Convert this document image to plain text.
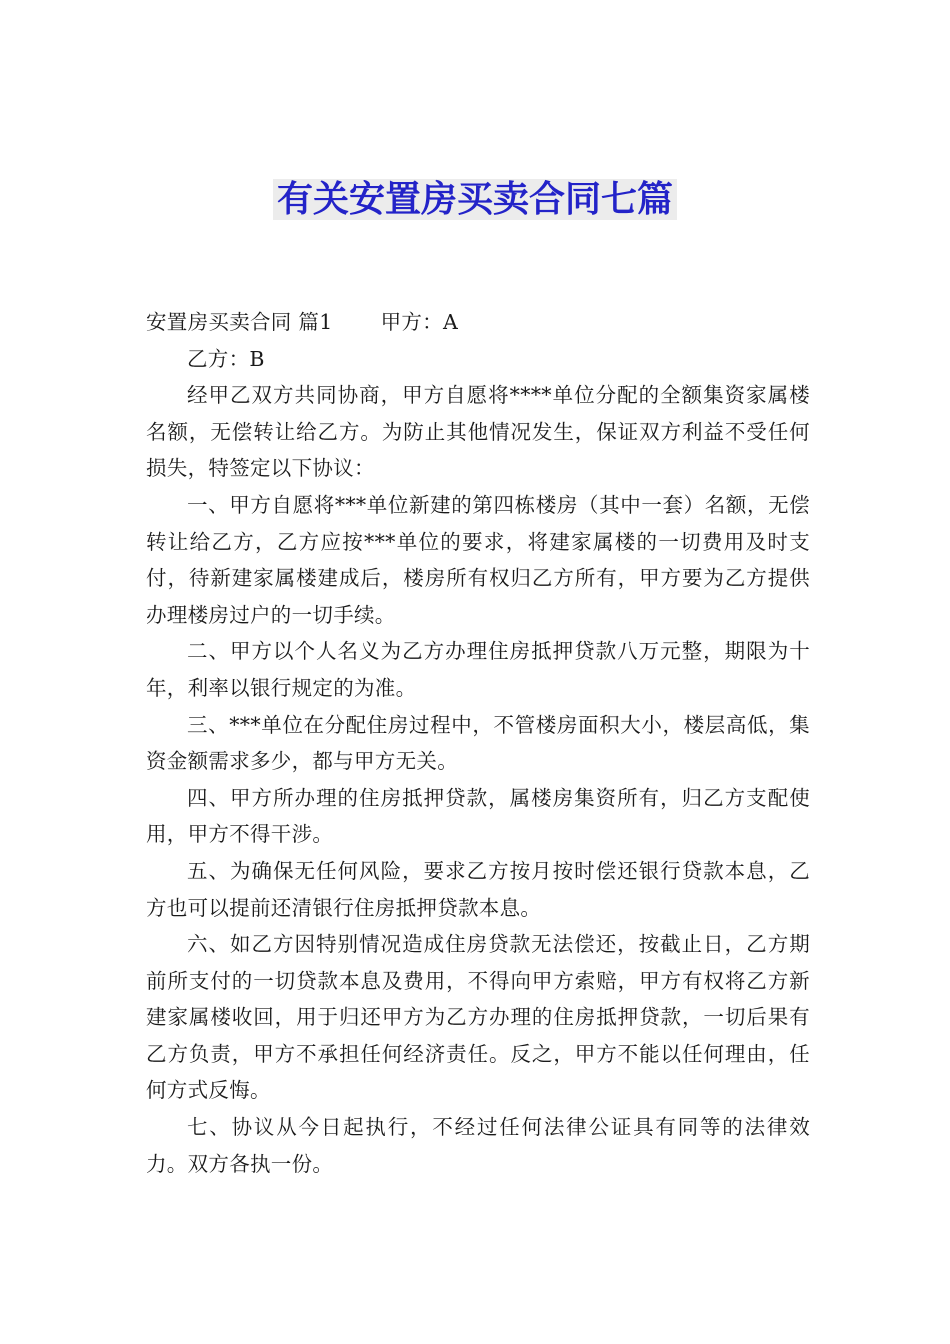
有关安置房买卖合同七篇

安置房买卖合同 篇1 甲方：A

乙方：B

经甲乙双方共同协商，甲方自愿将****单位分配的全额集资家属楼名额，无偿转让给乙方。为防止其他情况发生，保证双方利益不受任何损失，特签定以下协议：

一、甲方自愿将***单位新建的第四栋楼房（其中一套）名额，无偿转让给乙方，乙方应按***单位的要求，将建家属楼的一切费用及时支付，待新建家属楼建成后，楼房所有权归乙方所有，甲方要为乙方提供办理楼房过户的一切手续。

二、甲方以个人名义为乙方办理住房抵押贷款八万元整，期限为十年，利率以银行规定的为准。

三、***单位在分配住房过程中，不管楼房面积大小，楼层高低，集资金额需求多少，都与甲方无关。

四、甲方所办理的住房抵押贷款，属楼房集资所有，归乙方支配使用，甲方不得干涉。

五、为确保无任何风险，要求乙方按月按时偿还银行贷款本息，乙方也可以提前还清银行住房抵押贷款本息。

六、如乙方因特别情况造成住房贷款无法偿还，按截止日，乙方期前所支付的一切贷款本息及费用，不得向甲方索赔，甲方有权将乙方新建家属楼收回，用于归还甲方为乙方办理的住房抵押贷款，一切后果有乙方负责，甲方不承担任何经济责任。反之，甲方不能以任何理由，任何方式反悔。

七、协议从今日起执行，不经过任何法律公证具有同等的法律效力。双方各执一份。
